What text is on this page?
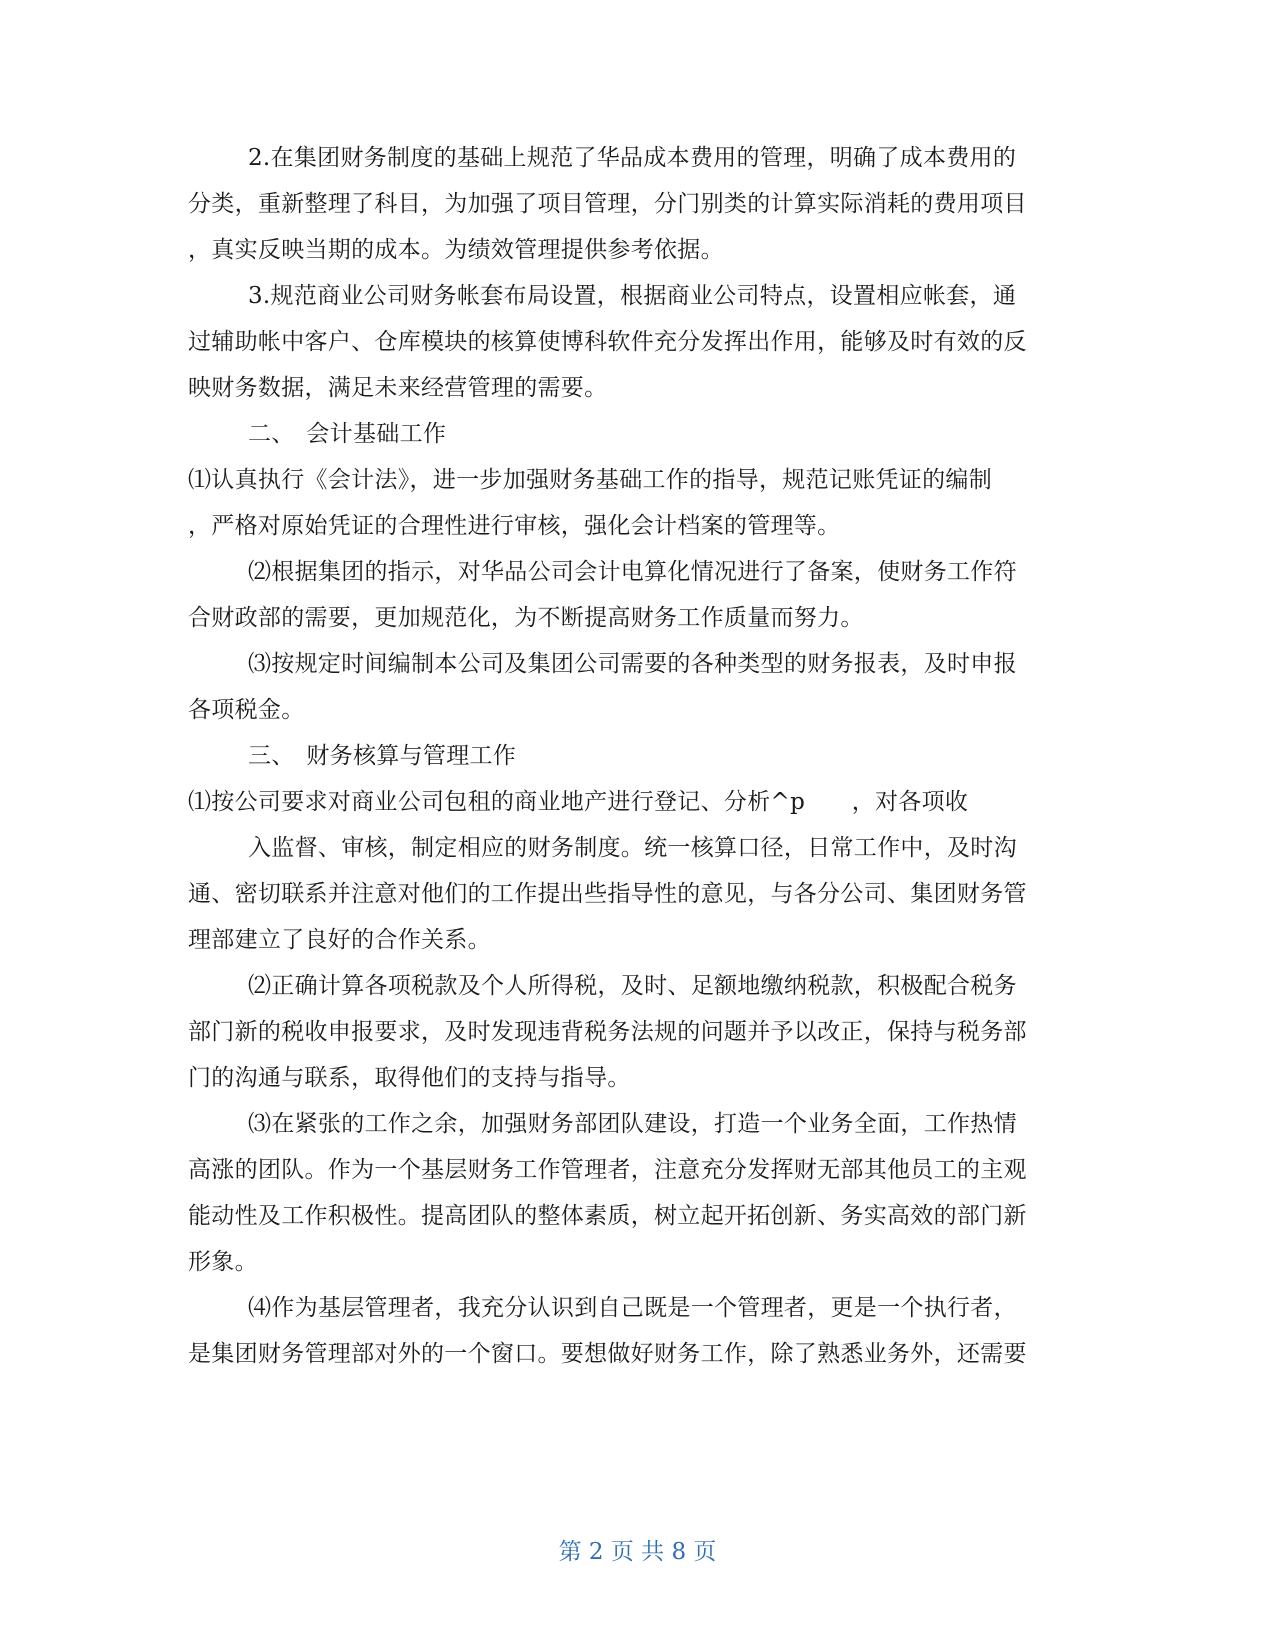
2.在集团财务制度的基础上规范了华品成本费用的管理，明确了成本费用的
分类，重新整理了科目，为加强了项目管理，分门别类的计算实际消耗的费用项目
，真实反映当期的成本。为绩效管理提供参考依据。
3.规范商业公司财务帐套布局设置，根据商业公司特点，设置相应帐套，通
过辅助帐中客户、仓库模块的核算使博科软件充分发挥出作用，能够及时有效的反
映财务数据，满足未来经营管理的需要。
二、　会计基础工作
⑴认真执行《会计法》，进一步加强财务基础工作的指导，规范记账凭证的编制
，严格对原始凭证的合理性进行审核，强化会计档案的管理等。
⑵根据集团的指示，对华品公司会计电算化情况进行了备案，使财务工作符
合财政部的需要，更加规范化，为不断提高财务工作质量而努力。
⑶按规定时间编制本公司及集团公司需要的各种类型的财务报表，及时申报
各项税金。
三、　财务核算与管理工作
⑴按公司要求对商业公司包租的商业地产进行登记、分析^p　　，对各项收
入监督、审核，制定相应的财务制度。统一核算口径，日常工作中，及时沟
通、密切联系并注意对他们的工作提出些指导性的意见，与各分公司、集团财务管
理部建立了良好的合作关系。
⑵正确计算各项税款及个人所得税，及时、足额地缴纳税款，积极配合税务
部门新的税收申报要求，及时发现违背税务法规的问题并予以改正，保持与税务部
门的沟通与联系，取得他们的支持与指导。
⑶在紧张的工作之余，加强财务部团队建设，打造一个业务全面，工作热情
高涨的团队。作为一个基层财务工作管理者，注意充分发挥财无部其他员工的主观
能动性及工作积极性。提高团队的整体素质，树立起开拓创新、务实高效的部门新
形象。
⑷作为基层管理者，我充分认识到自己既是一个管理者，更是一个执行者，
是集团财务管理部对外的一个窗口。要想做好财务工作，除了熟悉业务外，还需要
第 2 页 共 8 页
